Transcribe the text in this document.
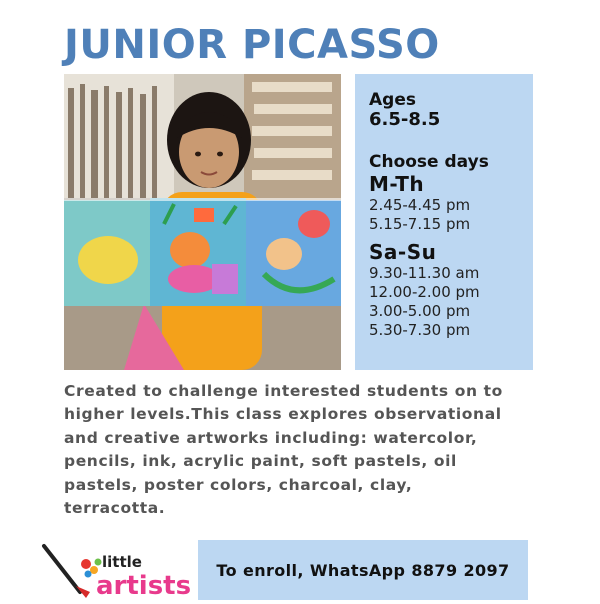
JUNIOR PICASSO
Ages
6.5-8.5
Choose days
M-Th
2.45-4.45 pm
5.15-7.15 pm
Sa-Su
9.30-11.30 am
12.00-2.00 pm
3.00-5.00 pm
5.30-7.30 pm

Created to challenge interested students on to
higher levels.This class explores observational
and creative artworks including: watercolor,
pencils, ink, acrylic paint, soft pastels, oil
pastels, poster colors, charcoal, clay,
terracotta.

little
artists
To enroll, WhatsApp 8879 2097
